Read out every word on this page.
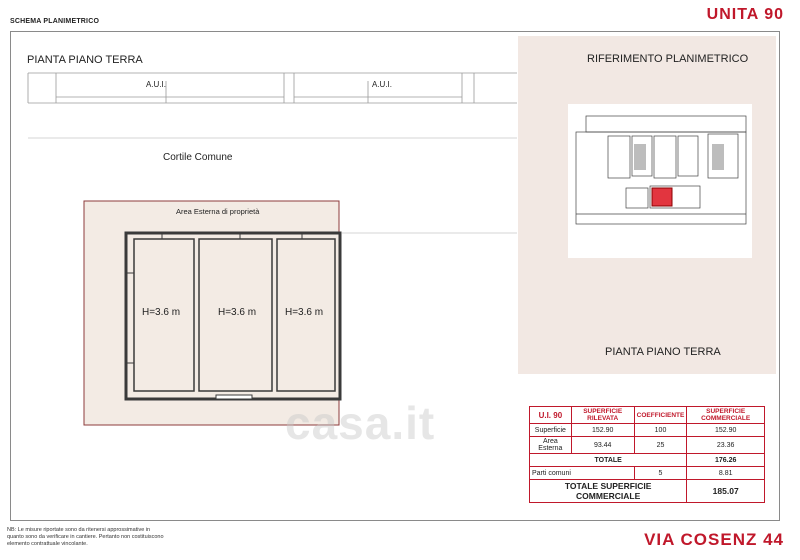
SCHEMA PLANIMETRICO	UNITA 90
PIANTA PIANO TERRA
A.U.I.	A.U.I.
Cortile Comune
Area Esterna di proprietà
H=3.6 m	H=3.6 m	H=3.6 m
RIFERIMENTO PLANIMETRICO
PIANTA PIANO TERRA
casa.it	U.I. 90	SUPERFICIE RILEVATA	COEFFICIENTE	SUPERFICIE COMMERCIALE
Superficie	152.90	100	152.90
Area Esterna	93.44	25	23.36
TOTALE			176.26
Parti comuni		5	8.81
TOTALE SUPERFICIE COMMERCIALE			185.07
NB: Le misure riportate sono da ritenersi approssimative in quanto sono da verificare in cantiere. Pertanto non costituiscono elemento contrattuale vincolante.	VIA COSENZ 44
